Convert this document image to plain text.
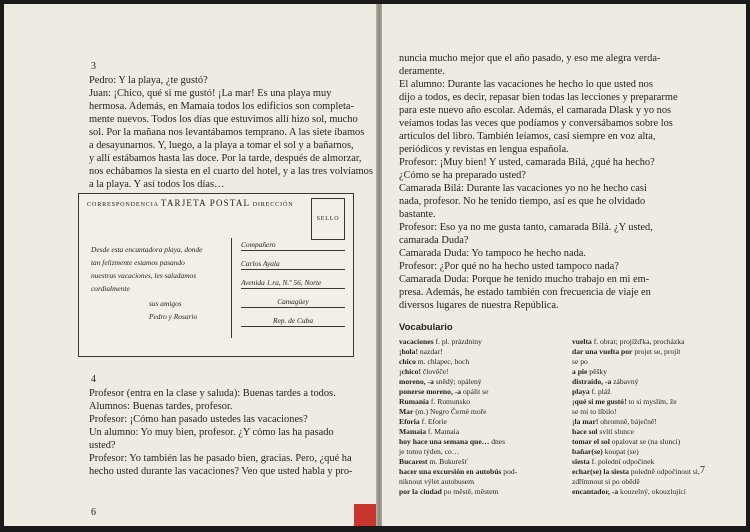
3
Pedro: Y la playa, ¿te gustó?
Juan: ¡Chico, qué si me gustó! ¡La mar! Es una playa muy
hermosa. Además, en Mamaia todos los edificios son completa-
mente nuevos. Todos los días que estuvimos allí hizo sol, mucho
sol. Por la mañana nos levantábamos temprano. A las siete íbamos
a desayunarnos. Y, luego, a la playa a tomar el sol y a bañarnos,
y allí estábamos hasta las doce. Por la tarde, después de almorzar,
nos echábamos la siesta en el cuarto del hotel, y a las tres volvíamos
a la playa. Y así todos los días…
CORRESPONDENCIA TARJETA POSTAL DIRECCIÓN
SELLO
Desde esta encantadora playa, donde
tan felizmente estamos pasando
nuestras vacaciones, les saludamos
cordialmente
sus amigos
Pedro y Rosario
Compañero
Carlos Ayala
Avenida 1.ra, N.º 56, Norte
Camagüey
Rep. de Cuba
4
Profesor (entra en la clase y saluda): Buenas tardes a todos.
Alumnos: Buenas tardes, profesor.
Profesor: ¡Cómo han pasado ustedes las vacaciones?
Un alumno: Yo muy bien, profesor. ¿Y cómo las ha pasado
usted?
Profesor: Yo también las he pasado bien, gracias. Pero, ¿qué ha
hecho usted durante las vacaciones? Veo que usted habla y pro-
6
nuncia mucho mejor que el año pasado, y eso me alegra verda-
deramente.
El alumno: Durante las vacaciones he hecho lo que usted nos
dijo a todos, es decir, repasar bien todas las lecciones y prepararme
para este nuevo año escolar. Además, el camarada Dlask y yo nos
veíamos todas las veces que podíamos y conversábamos sobre los
artículos del libro. También leíamos, casi siempre en voz alta,
periódicos y revistas en lengua española.
Profesor: ¡Muy bien! Y usted, camarada Bílá, ¿qué ha hecho?
¿Cómo se ha preparado usted?
Camarada Bílá: Durante las vacaciones yo no he hecho casi
nada, profesor. No he tenido tiempo, así es que he olvidado
bastante.
Profesor: Eso ya no me gusta tanto, camarada Bílá. ¿Y usted,
camarada Duda?
Camarada Duda: Yo tampoco he hecho nada.
Profesor: ¿Por qué no ha hecho usted tampoco nada?
Camarada Duda: Porque he tenido mucho trabajo en mi em-
presa. Además, he estado también con frecuencia de viaje en
diversos lugares de nuestra República.
Vocabulario
vacaciones f. pl. prázdniny
¡hola! nazdar!
chico m. chlapec, hoch
¡chico! člověče!
moreno, -a snědý; opálený
ponerse moreno, -a opálit se
Rumanía f. Rumunsko
Mar (m.) Negro Černé moře
Eforia f. Eforie
Mamaia f. Mamaia
hoy hace una semana que… dnes
je tomu týden, co…
Bucarest m. Bukurešť
hacer una excursión en autobús pod-
niknout výlet autobusem
por la ciudad po městě, městem
vuelta f. obrat; projížďka, procházka
dar una vuelta por projet se, projít
se po
a pie pěšky
distraído, -a zábavný
playa f. pláž
¡qué si me gustó! to si myslím, že
se mi to líbilo!
¡la mar! ohromně, báječně!
hace sol svítí slunce
tomar el sol opalovat se (na slunci)
bañar(se) koupat (se)
siesta f. polední odpočinek
echar(se) la siesta poledně odpočinout si,
zdřímnout si po obědě
encantador, -a kouzelný, okouzlující
7
